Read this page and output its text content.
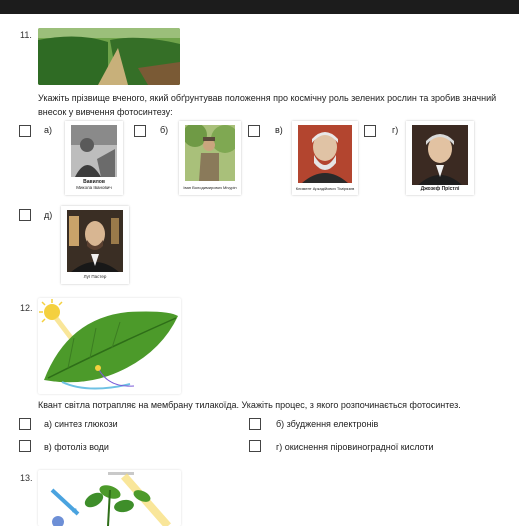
11.
Укажіть прізвище вченого, який обґрунтував положення про космічну роль зелених рослин та зробив значний внесок у вивчення фотосинтезу:
а)
Вавилов
Микола Іванович
б)
Іван Володимирович Мічурін
в)
Климент Аркадійович Тімірязєв
г)
Джозеф Прістлі
д)
Луї Пастер
12.
Квант світла потрапляє на мембрану тилакоїда. Укажіть процес, з якого розпочинається фотосинтез.
а) синтез глюкози	б) збудження електронів
в) фотоліз води	г) окиснення піровиноградної кислоти
13.
